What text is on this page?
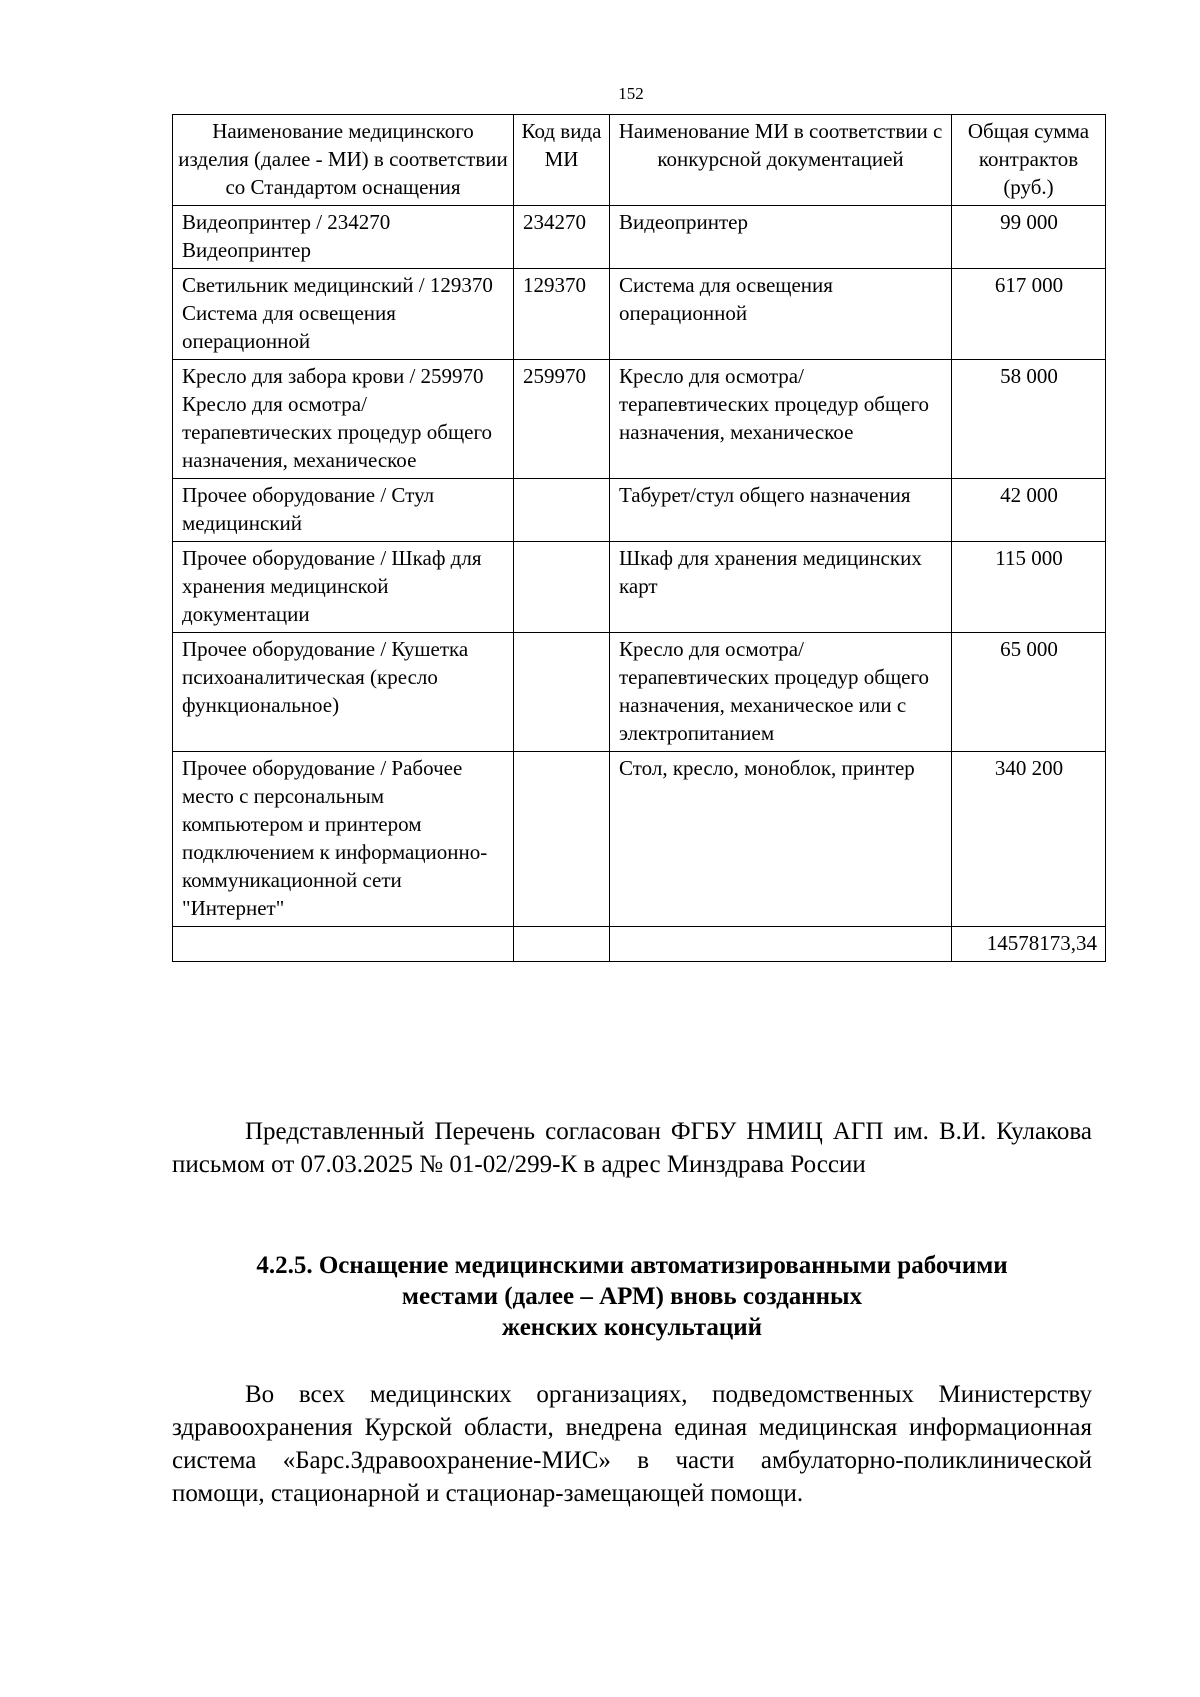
152
Наименование медицинского изделия (далее - МИ) в соответствии со Стандартом оснащения	Код вида МИ	Наименование МИ в соответствии с конкурсной документацией	Общая сумма контрактов (руб.)
Видеопринтер / 234270 Видеопринтер	234270	Видеопринтер	99 000
Светильник медицинский / 129370 Система для освещения операционной	129370	Система для освещения операционной	617 000
Кресло для забора крови / 259970 Кресло для осмотра/терапевтических процедур общего назначения, механическое	259970	Кресло для осмотра/терапевтических процедур общего назначения, механическое	58 000
Прочее оборудование / Стул медицинский		Табурет/стул общего назначения	42 000
Прочее оборудование / Шкаф для хранения медицинской документации		Шкаф для хранения медицинских карт	115 000
Прочее оборудование / Кушетка психоаналитическая (кресло функциональное)		Кресло для осмотра/терапевтических процедур общего назначения, механическое или с электропитанием	65 000
Прочее оборудование / Рабочее место с персональным компьютером и принтером подключением к информационно-коммуникационной сети "Интернет"		Стол, кресло, моноблок, принтер	340 200
			14578173,34

Представленный Перечень согласован ФГБУ НМИЦ АГП им. В.И. Кулакова письмом от 07.03.2025 № 01-02/299-К в адрес Минздрава России

4.2.5. Оснащение медицинскими автоматизированными рабочими
местами (далее – АРМ) вновь созданных
женских консультаций

Во всех медицинских организациях, подведомственных Министерству здравоохранения Курской области, внедрена единая медицинская информационная система «Барс.Здравоохранение-МИС» в части амбулаторно-поликлинической помощи, стационарной и стационар-замещающей помощи.
